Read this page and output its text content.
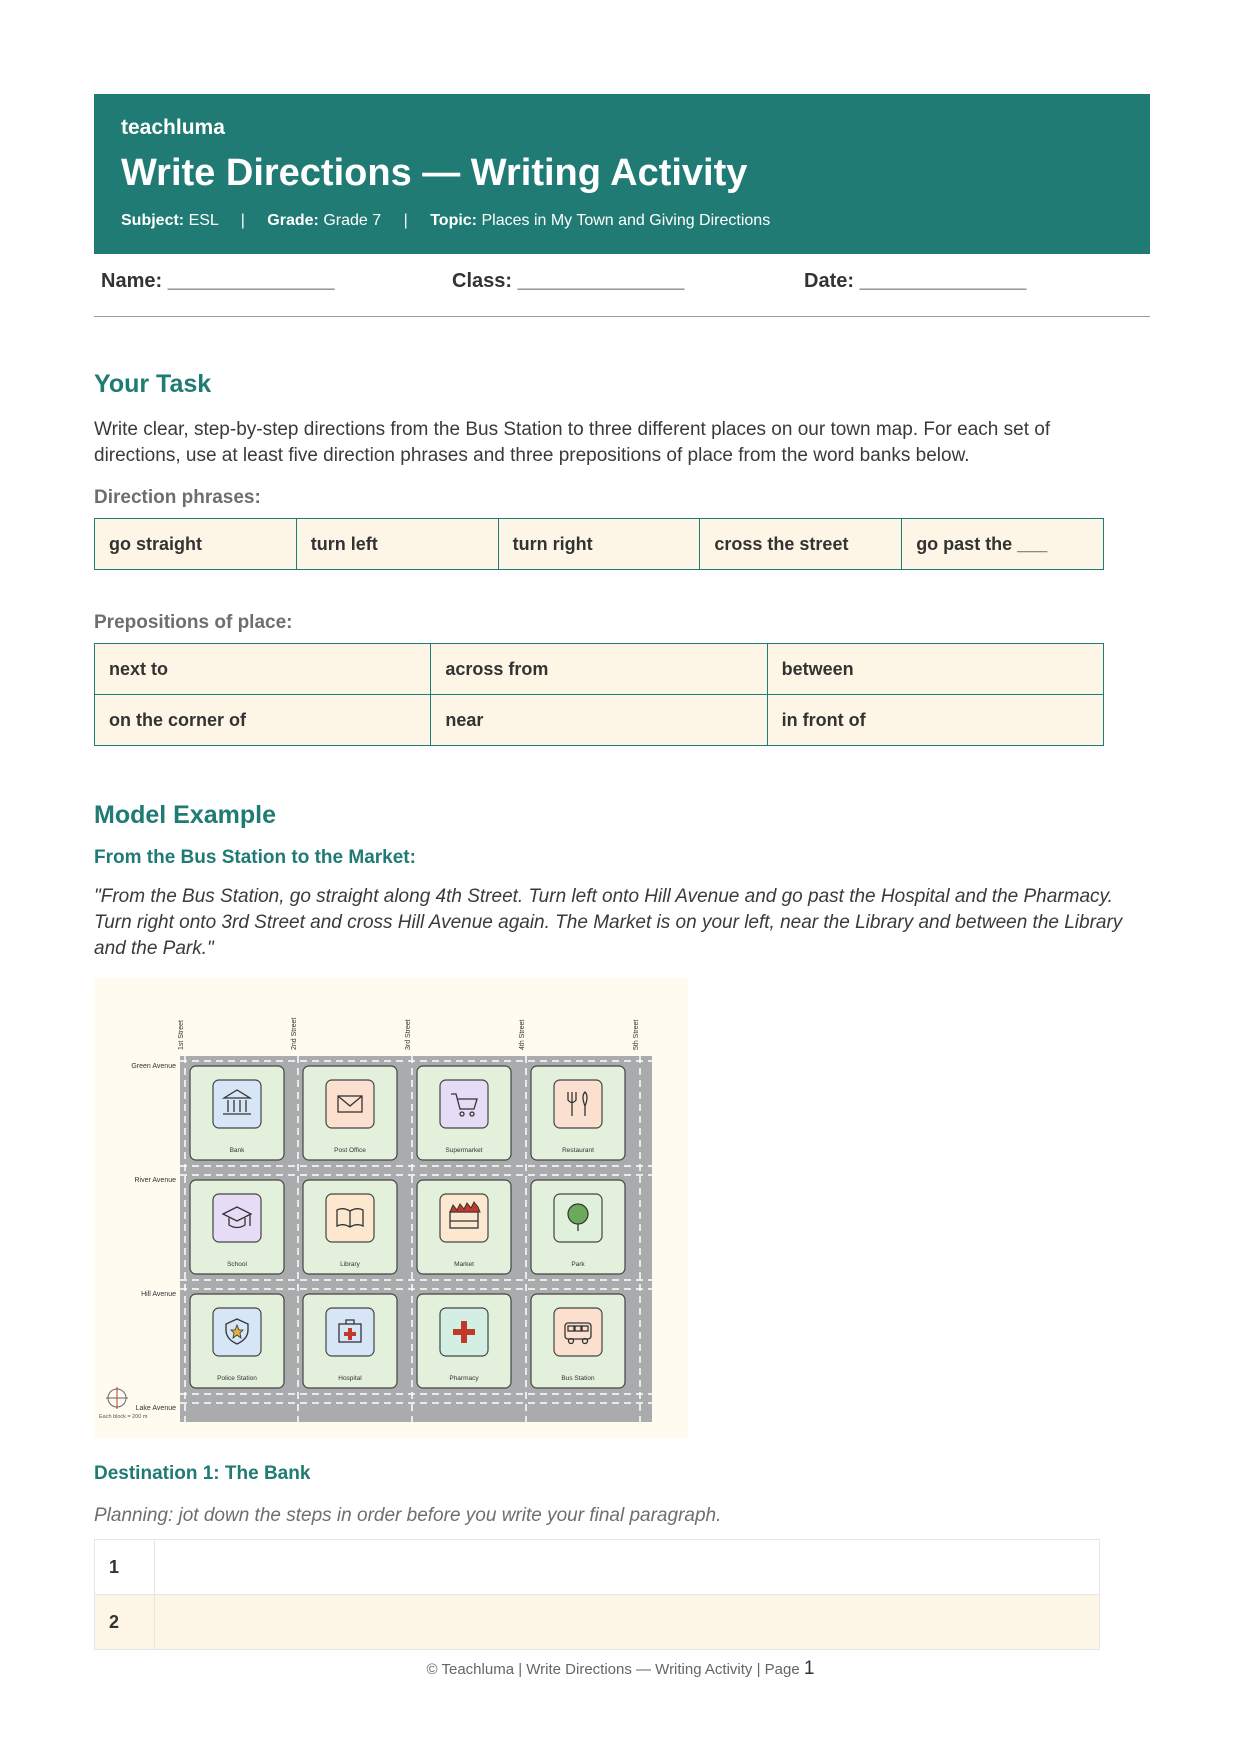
teachluma
Write Directions — Writing Activity
Subject: ESL | Grade: Grade 7 | Topic: Places in My Town and Giving Directions
Name: _______________	Class: _______________	Date: _______________
Your Task
Write clear, step-by-step directions from the Bus Station to three different places on our town map. For each set of directions, use at least five direction phrases and three prepositions of place from the word banks below.
Direction phrases:
go straight	turn left	turn right	cross the street	go past the ___
Prepositions of place:
next to	across from	between
on the corner of	near	in front of
Model Example
From the Bus Station to the Market:
"From the Bus Station, go straight along 4th Street. Turn left onto Hill Avenue and go past the Hospital and the Pharmacy. Turn right onto 3rd Street and cross Hill Avenue again. The Market is on your left, near the Library and between the Library and the Park."
1st Street	2nd Street	3rd Street	4th Street	5th Street
Green Avenue
River Avenue
Hill Avenue
Lake Avenue
Each block = 200 m
Bank	Post Office	Supermarket	Restaurant
School	Library	Market	Park
Police Station	Hospital	Pharmacy	Bus Station
Destination 1: The Bank
Planning: jot down the steps in order before you write your final paragraph.
1	
2	
© Teachluma | Write Directions — Writing Activity | Page 1
